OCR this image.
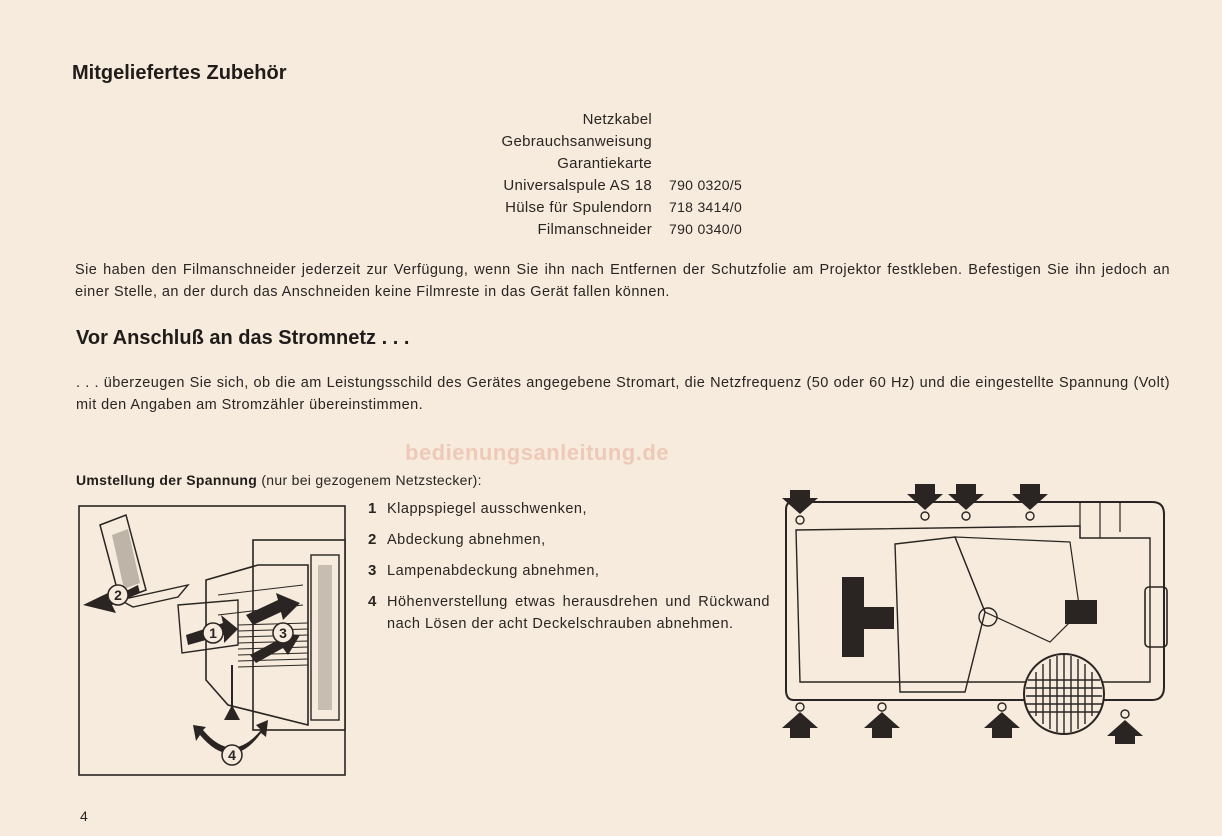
Mitgeliefertes Zubehör
Netzkabel
Gebrauchsanweisung
Garantiekarte
Universalspule AS 18 790 0320/5
Hülse für Spulendorn 718 3414/0
Filmanschneider 790 0340/0

Sie haben den Filmanschneider jederzeit zur Verfügung, wenn Sie ihn nach Entfernen der Schutzfolie am Projektor festkleben. Befestigen Sie ihn jedoch an einer Stelle, an der durch das Anschneiden keine Filmreste in das Gerät fallen können.

Vor Anschluß an das Stromnetz . . .

. . . überzeugen Sie sich, ob die am Leistungsschild des Gerätes angegebene Stromart, die Netzfrequenz (50 oder 60 Hz) und die eingestellte Spannung (Volt) mit den Angaben am Stromzähler übereinstimmen.

bedienungsanleitung.de
Umstellung der Spannung (nur bei gezogenem Netzstecker):
2
1	3
4
1 Klappspiegel ausschwenken,
2 Abdeckung abnehmen,
3 Lampenabdeckung abnehmen,
4 Höhenverstellung etwas herausdrehen und Rückwand nach Lösen der acht Deckelschrauben abnehmen.
4
